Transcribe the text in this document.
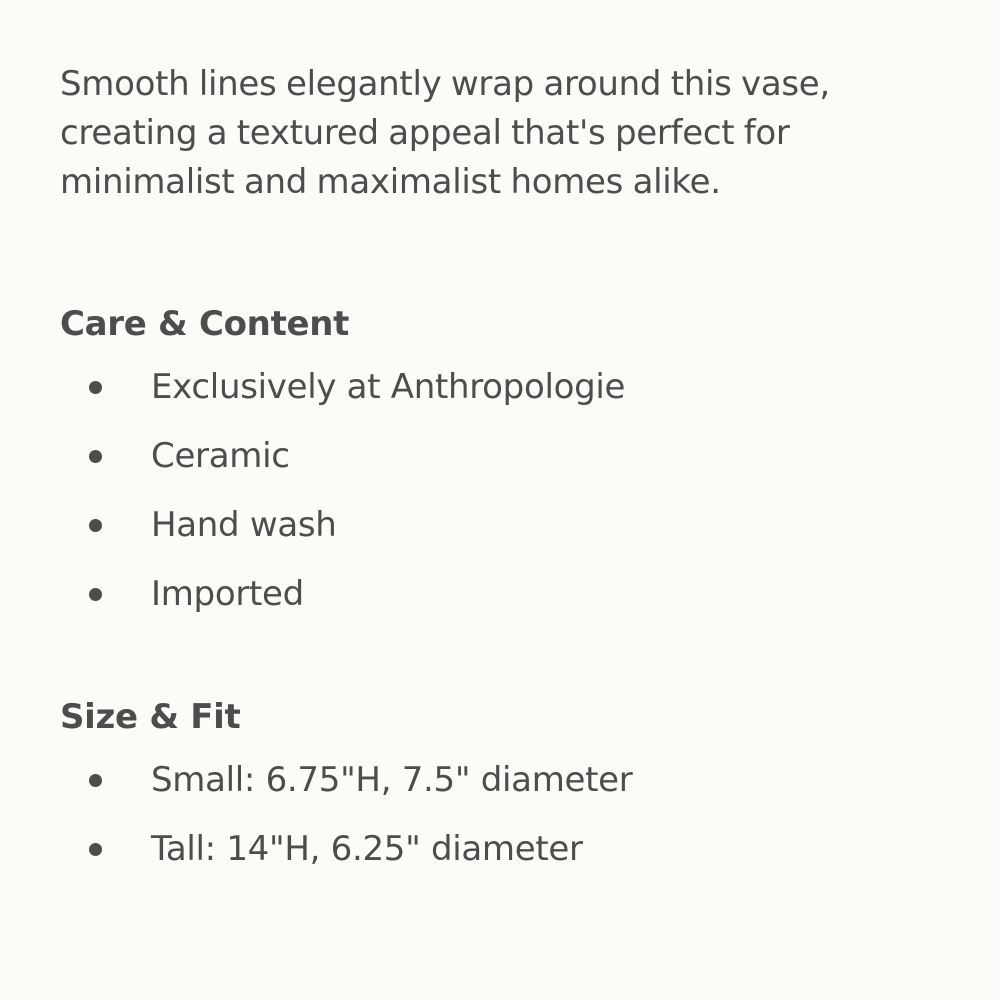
Smooth lines elegantly wrap around this vase, creating a textured appeal that's perfect for minimalist and maximalist homes alike.

Care & Content
Exclusively at Anthropologie
Ceramic
Hand wash
Imported
Size & Fit
Small: 6.75"H, 7.5" diameter
Tall: 14"H, 6.25" diameter
